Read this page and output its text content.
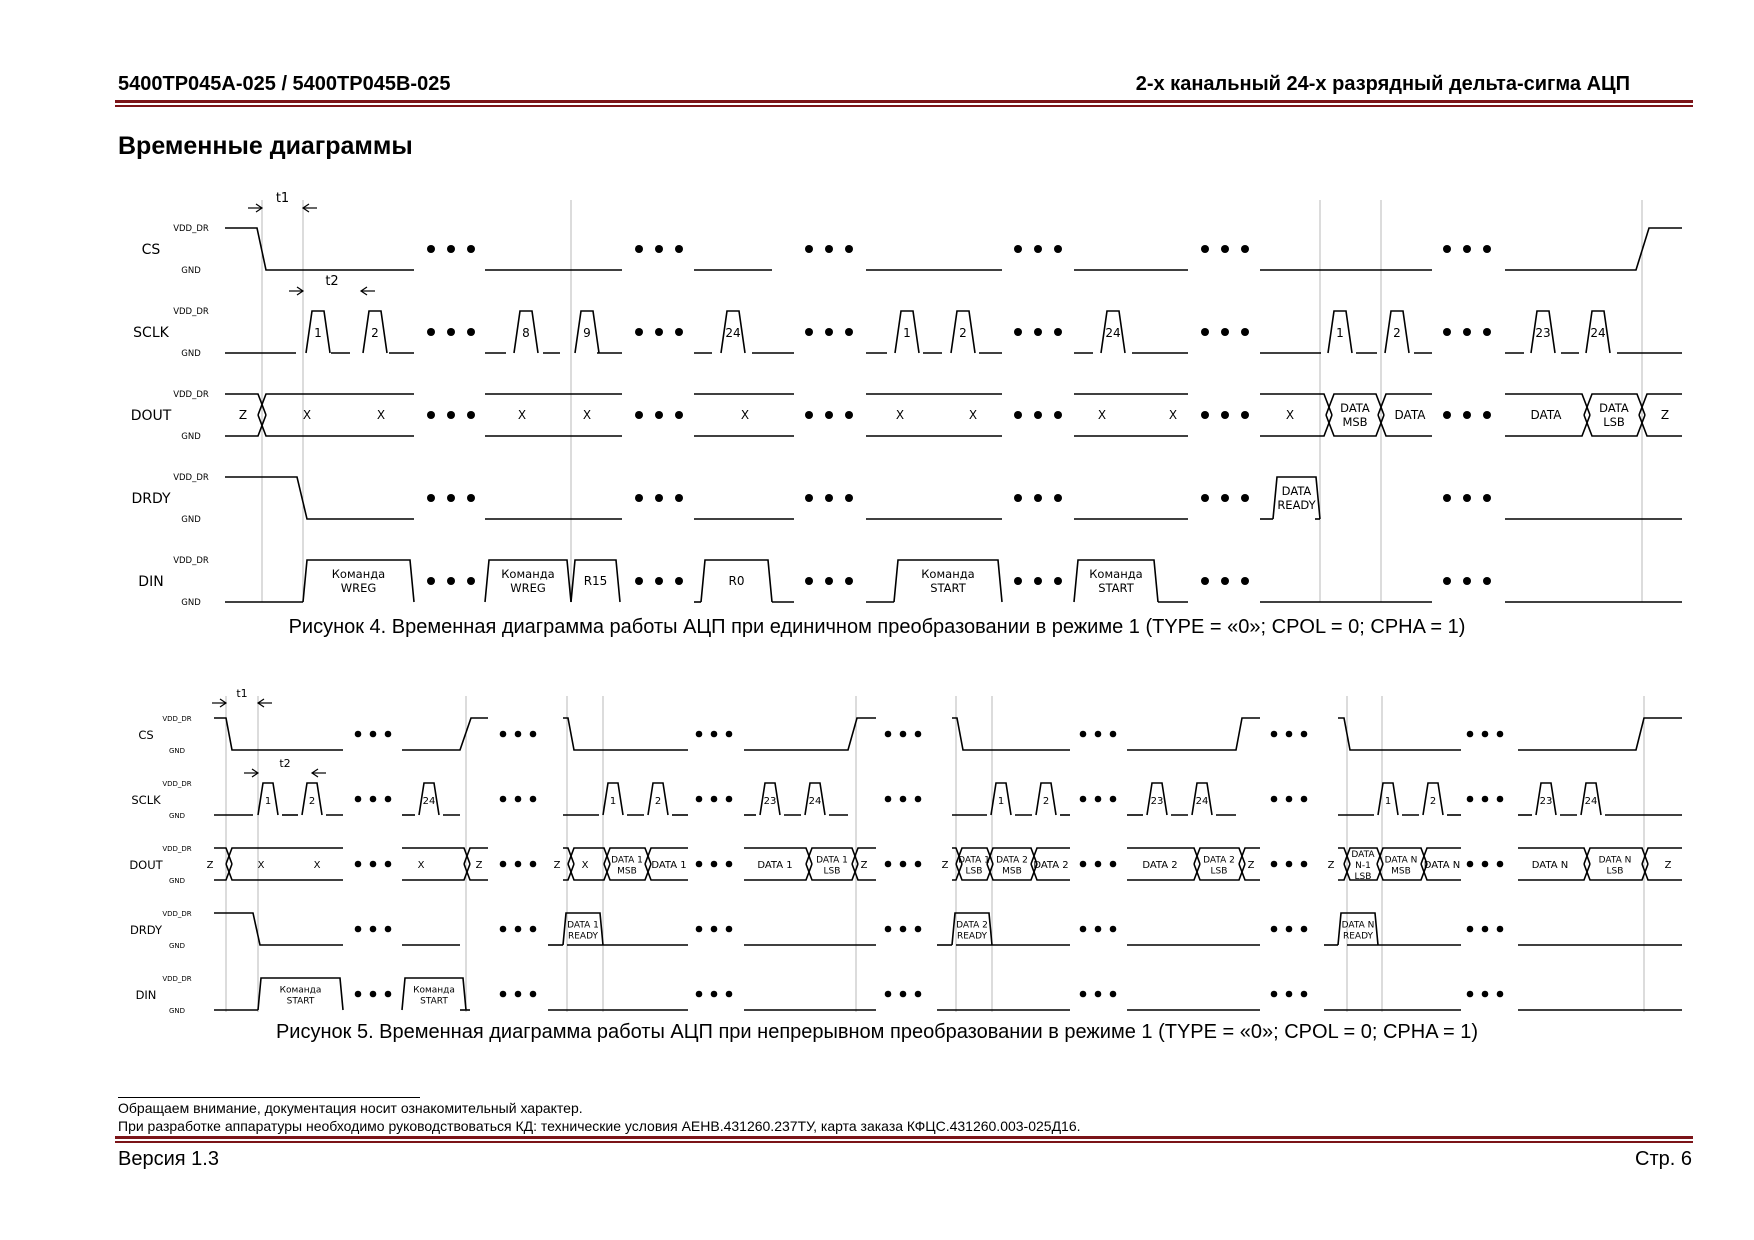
5400ТР045А-025 / 5400ТР045В-025	2-х канальный 24-х разрядный дельта-сигма АЦП
Временные диаграммы
CS
VDD_DR
GND
SCLK
VDD_DR
GND
DOUT
VDD_DR
GND
DRDY
VDD_DR
GND
DIN
VDD_DR
GND
1	2	8	9	24	1	2	24	1	2	23	24
Z	X	X	X	X	X	X	X	X	X	X	DATA
MSB DATA	DATA	DATA
LSB	Z
DATA
READY
Команда
WREG
Команда
WREG	R15	R0	Команда
START
Команда
START
t1
t2
Рисунок 4. Временная диаграмма работы АЦП при единичном преобразовании в режиме 1 (TYPE = «0»; CPOL = 0; CPHA = 1)
CS
VDD_DR
GND
SCLK
VDD_DR
GND
DOUT
VDD_DR
GND
DRDY
VDD_DR
GND
DIN
VDD_DR
GND
1	2	24	1	2	23	24	1	2	23	24	1	2	23	24
Z	X	X	X	Z	Z X	DATA 1
MSB
DATA 1	DATA 1	DATA 1
LSB
Z	Z DATA 1
LSB
DATA 2
MSB
DATA 2	DATA 2	DATA 2
LSB
Z	Z
DATA
N-1
LSB
DATA N
MSB
DATA N	DATA N	DATA N
LSB
Z
DATA 1
READY
DATA 2
READY
DATA N
READY
Команда
START
Команда
START
t1
t2
Рисунок 5. Временная диаграмма работы АЦП при непрерывном преобразовании в режиме 1 (TYPE = «0»; CPOL = 0; CPHA = 1)
Обращаем внимание, документация носит ознакомительный характер.
При разработке аппаратуры необходимо руководствоваться КД: технические условия АЕНВ.431260.237ТУ, карта заказа КФЦС.431260.003-025Д16.
Версия 1.3	Стр. 6
